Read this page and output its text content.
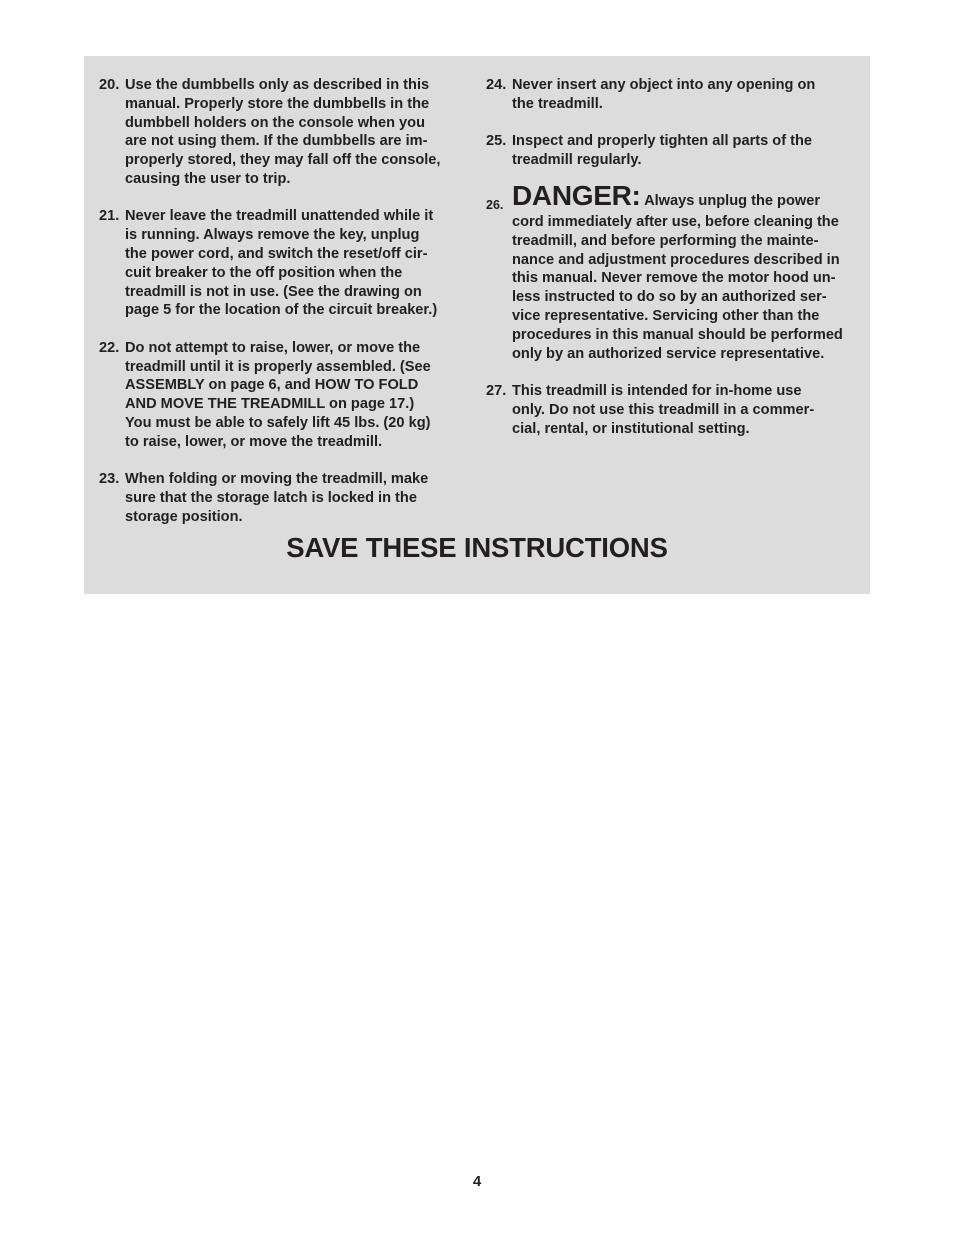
20. Use the dumbbells only as described in this
manual. Properly store the dumbbells in the
dumbbell holders on the console when you
are not using them. If the dumbbells are im-
properly stored, they may fall off the console,
causing the user to trip.
21. Never leave the treadmill unattended while it
is running. Always remove the key, unplug
the power cord, and switch the reset/off cir-
cuit breaker to the off position when the
treadmill is not in use. (See the drawing on
page 5 for the location of the circuit breaker.)
22. Do not attempt to raise, lower, or move the
treadmill until it is properly assembled. (See
ASSEMBLY on page 6, and HOW TO FOLD
AND MOVE THE TREADMILL on page 17.)
You must be able to safely lift 45 lbs. (20 kg)
to raise, lower, or move the treadmill.
23. When folding or moving the treadmill, make
sure that the storage latch is locked in the
storage position.
24. Never insert any object into any opening on
the treadmill.
25. Inspect and properly tighten all parts of the
treadmill regularly.
26. DANGER: Always unplug the power
cord immediately after use, before cleaning the
treadmill, and before performing the mainte-
nance and adjustment procedures described in
this manual. Never remove the motor hood un-
less instructed to do so by an authorized ser-
vice representative. Servicing other than the
procedures in this manual should be performed
only by an authorized service representative.
27. This treadmill is intended for in-home use
only. Do not use this treadmill in a commer-
cial, rental, or institutional setting.
SAVE THESE INSTRUCTIONS

4
